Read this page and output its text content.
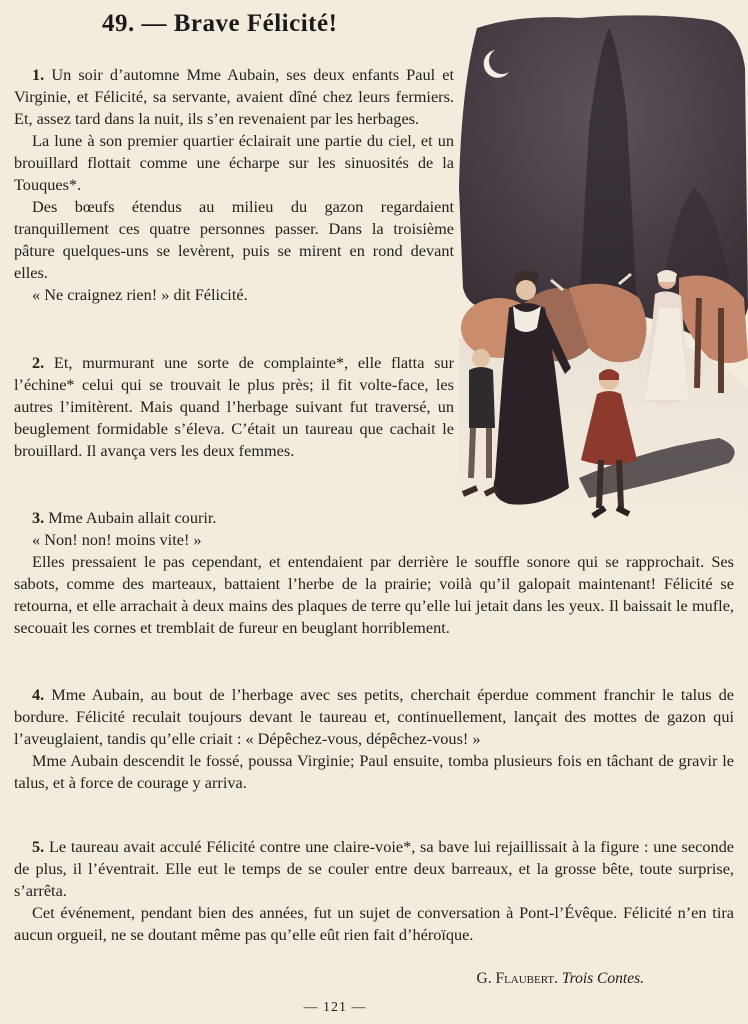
49. — Brave Félicité!

1. Un soir d’automne Mme Aubain, ses deux enfants Paul et Virginie, et Félicité, sa servante, avaient dîné chez leurs fermiers. Et, assez tard dans la nuit, ils s’en revenaient par les herbages.

La lune à son premier quartier éclairait une partie du ciel, et un brouillard flottait comme une écharpe sur les sinuosités de la Touques*.

Des bœufs étendus au milieu du gazon regardaient tranquillement ces quatre personnes passer. Dans la troisième pâture quelques-uns se levèrent, puis se mirent en rond devant elles.

« Ne craignez rien! » dit Félicité.

2. Et, murmurant une sorte de complainte*, elle flatta sur l’échine* celui qui se trouvait le plus près; il fit volte-face, les autres l’imitèrent. Mais quand l’herbage suivant fut traversé, un beuglement formidable s’éleva. C’était un taureau que cachait le brouillard. Il avança vers les deux femmes.

3. Mme Aubain allait courir.

« Non! non! moins vite! »

Elles pressaient le pas cependant, et entendaient par derrière le souffle sonore qui se rapprochait. Ses sabots, comme des marteaux, battaient l’herbe de la prairie; voilà qu’il galopait maintenant! Félicité se retourna, et elle arrachait à deux mains des plaques de terre qu’elle lui jetait dans les yeux. Il baissait le mufle, secouait les cornes et tremblait de fureur en beuglant horriblement.

4. Mme Aubain, au bout de l’herbage avec ses petits, cherchait éperdue comment franchir le talus de bordure. Félicité reculait toujours devant le taureau et, continuellement, lançait des mottes de gazon qui l’aveuglaient, tandis qu’elle criait : « Dépêchez-vous, dépêchez-vous! »

Mme Aubain descendit le fossé, poussa Virginie; Paul ensuite, tomba plusieurs fois en tâchant de gravir le talus, et à force de courage y arriva.

5. Le taureau avait acculé Félicité contre une claire-voie*, sa bave lui rejaillissait à la figure : une seconde de plus, il l’éventrait. Elle eut le temps de se couler entre deux barreaux, et la grosse bête, toute surprise, s’arrêta.

Cet événement, pendant bien des années, fut un sujet de conversation à Pont-l’Évêque. Félicité n’en tira aucun orgueil, ne se doutant même pas qu’elle eût rien fait d’héroïque.

G. Flaubert. Trois Contes.
— 121 —
